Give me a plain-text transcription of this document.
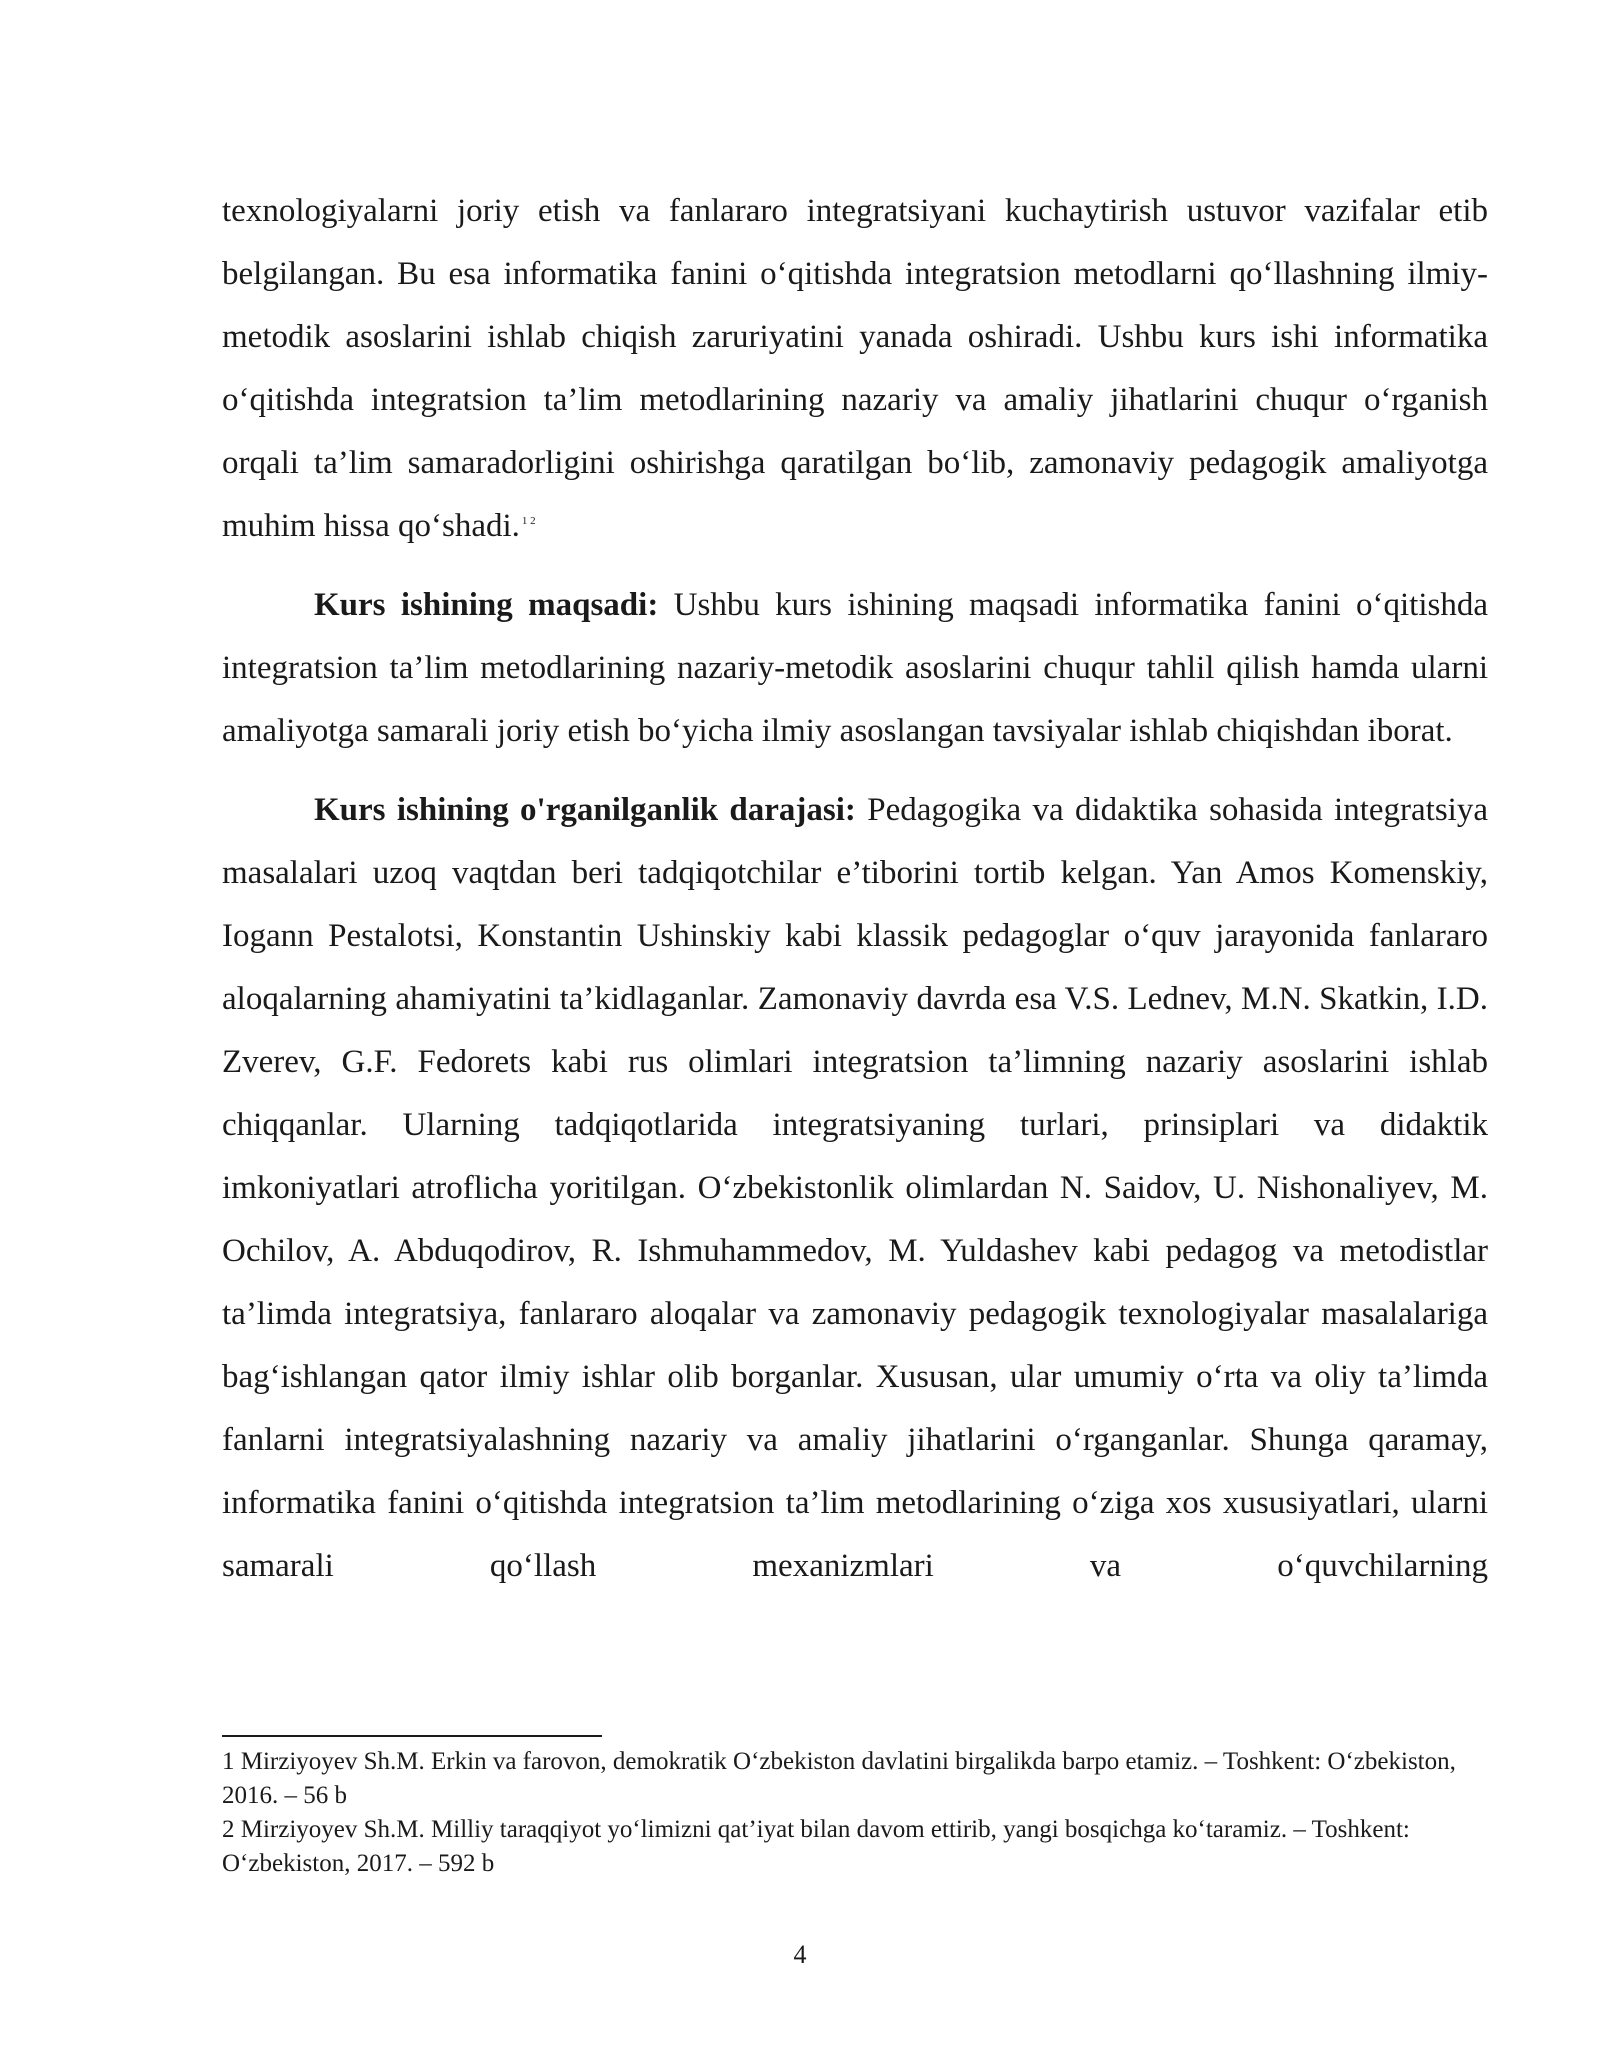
texnologiyalarni joriy etish va fanlararo integratsiyani kuchaytirish ustuvor vazifalar etib belgilangan. Bu esa informatika fanini o‘qitishda integratsion metodlarni qo‘llashning ilmiy-metodik asoslarini ishlab chiqish zaruriyatini yanada oshiradi. Ushbu kurs ishi informatika o‘qitishda integratsion ta’lim metodlarining nazariy va amaliy jihatlarini chuqur o‘rganish orqali ta’lim samaradorligini oshirishga qaratilgan bo‘lib, zamonaviy pedagogik amaliyotga muhim hissa qo‘shadi. $^{1 2}$

Kurs ishining maqsadi: Ushbu kurs ishining maqsadi informatika fanini o‘qitishda integratsion ta’lim metodlarining nazariy-metodik asoslarini chuqur tahlil qilish hamda ularni amaliyotga samarali joriy etish bo‘yicha ilmiy asoslangan tavsiyalar ishlab chiqishdan iborat.

Kurs ishining o'rganilganlik darajasi: Pedagogika va didaktika sohasida integratsiya masalalari uzoq vaqtdan beri tadqiqotchilar e’tiborini tortib kelgan. Yan Amos Komenskiy, Iogann Pestalotsi, Konstantin Ushinskiy kabi klassik pedagoglar o‘quv jarayonida fanlararo aloqalarning ahamiyatini ta’kidlaganlar. Zamonaviy davrda esa V.S. Lednev, M.N. Skatkin, I.D. Zverev, G.F. Fedorets kabi rus olimlari integratsion ta’limning nazariy asoslarini ishlab chiqqanlar. Ularning tadqiqotlarida integratsiyaning turlari, prinsiplari va didaktik imkoniyatlari atroflicha yoritilgan. O‘zbekistonlik olimlardan N. Saidov, U. Nishonaliyev, M. Ochilov, A. Abduqodirov, R. Ishmuhammedov, M. Yuldashev kabi pedagog va metodistlar ta’limda integratsiya, fanlararo aloqalar va zamonaviy pedagogik texnologiyalar masalalariga bag‘ishlangan qator ilmiy ishlar olib borganlar. Xususan, ular umumiy o‘rta va oliy ta’limda fanlarni integratsiyalashning nazariy va amaliy jihatlarini o‘rganganlar. Shunga qaramay, informatika fanini o‘qitishda integratsion ta’lim metodlarining o‘ziga xos xususiyatlari, ularni samarali qo‘llash mexanizmlari va o‘quvchilarning

1 Mirziyoyev Sh.M. Erkin va farovon, demokratik O‘zbekiston davlatini birgalikda barpo etamiz. – Toshkent: O‘zbekiston, 2016. – 56 b

2 Mirziyoyev Sh.M. Milliy taraqqiyot yo‘limizni qat’iyat bilan davom ettirib, yangi bosqichga ko‘taramiz. – Toshkent: O‘zbekiston, 2017. – 592 b

4
